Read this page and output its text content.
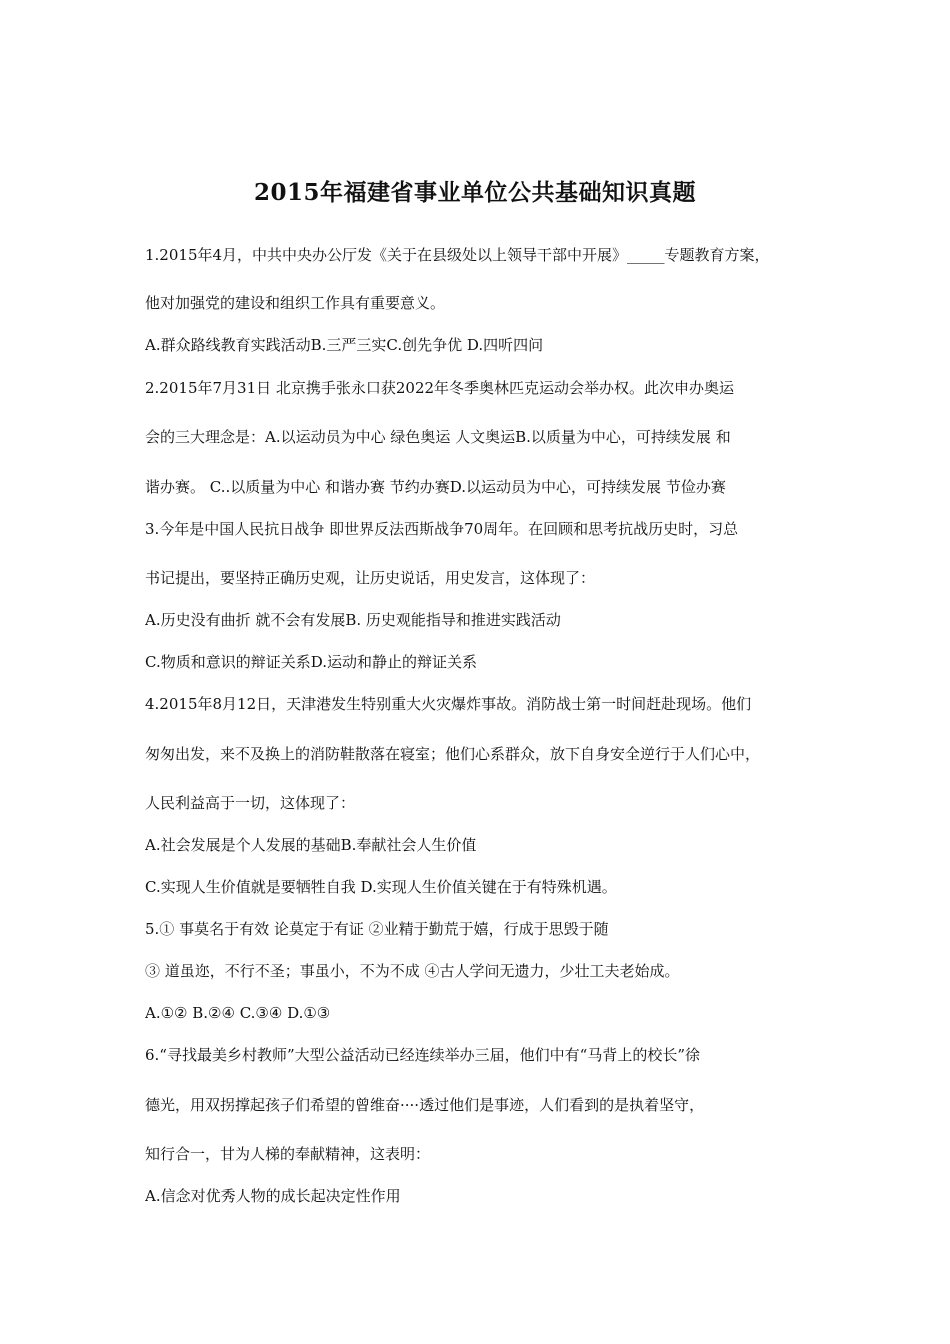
2015年福建省事业单位公共基础知识真题
1.2015年4月，中共中央办公厅发《关于在县级处以上领导干部中开展》_____专题教育方案，
他对加强党的建设和组织工作具有重要意义。
A.群众路线教育实践活动B.三严三实C.创先争优 D.四听四问
2.2015年7月31日 北京携手张永口获2022年冬季奥林匹克运动会举办权。此次申办奥运
会的三大理念是：A.以运动员为中心 绿色奥运 人文奥运B.以质量为中心，可持续发展 和
谐办赛。 C..以质量为中心 和谐办赛 节约办赛D.以运动员为中心，可持续发展 节俭办赛
3.今年是中国人民抗日战争 即世界反法西斯战争70周年。在回顾和思考抗战历史时，习总
书记提出，要坚持正确历史观，让历史说话，用史发言，这体现了：
A.历史没有曲折 就不会有发展B. 历史观能指导和推进实践活动
C.物质和意识的辩证关系D.运动和静止的辩证关系
4.2015年8月12日，天津港发生特别重大火灾爆炸事故。消防战士第一时间赶赴现场。他们
匆匆出发，来不及换上的消防鞋散落在寝室；他们心系群众，放下自身安全逆行于人们心中，
人民利益高于一切，这体现了：
A.社会发展是个人发展的基础B.奉献社会人生价值
C.实现人生价值就是要牺牲自我 D.实现人生价值关键在于有特殊机遇。
5.① 事莫名于有效 论莫定于有证 ②业精于勤荒于嬉，行成于思毁于随
③ 道虽迩，不行不圣；事虽小，不为不成 ④古人学问无遗力，少壮工夫老始成。
A.①② B.②④ C.③④ D.①③
6.“寻找最美乡村教师”大型公益活动已经连续举办三届，他们中有“马背上的校长”徐
德光，用双拐撑起孩子们希望的曾维奋····透过他们是事迹，人们看到的是执着坚守，
知行合一，甘为人梯的奉献精神，这表明：
A.信念对优秀人物的成长起决定性作用
